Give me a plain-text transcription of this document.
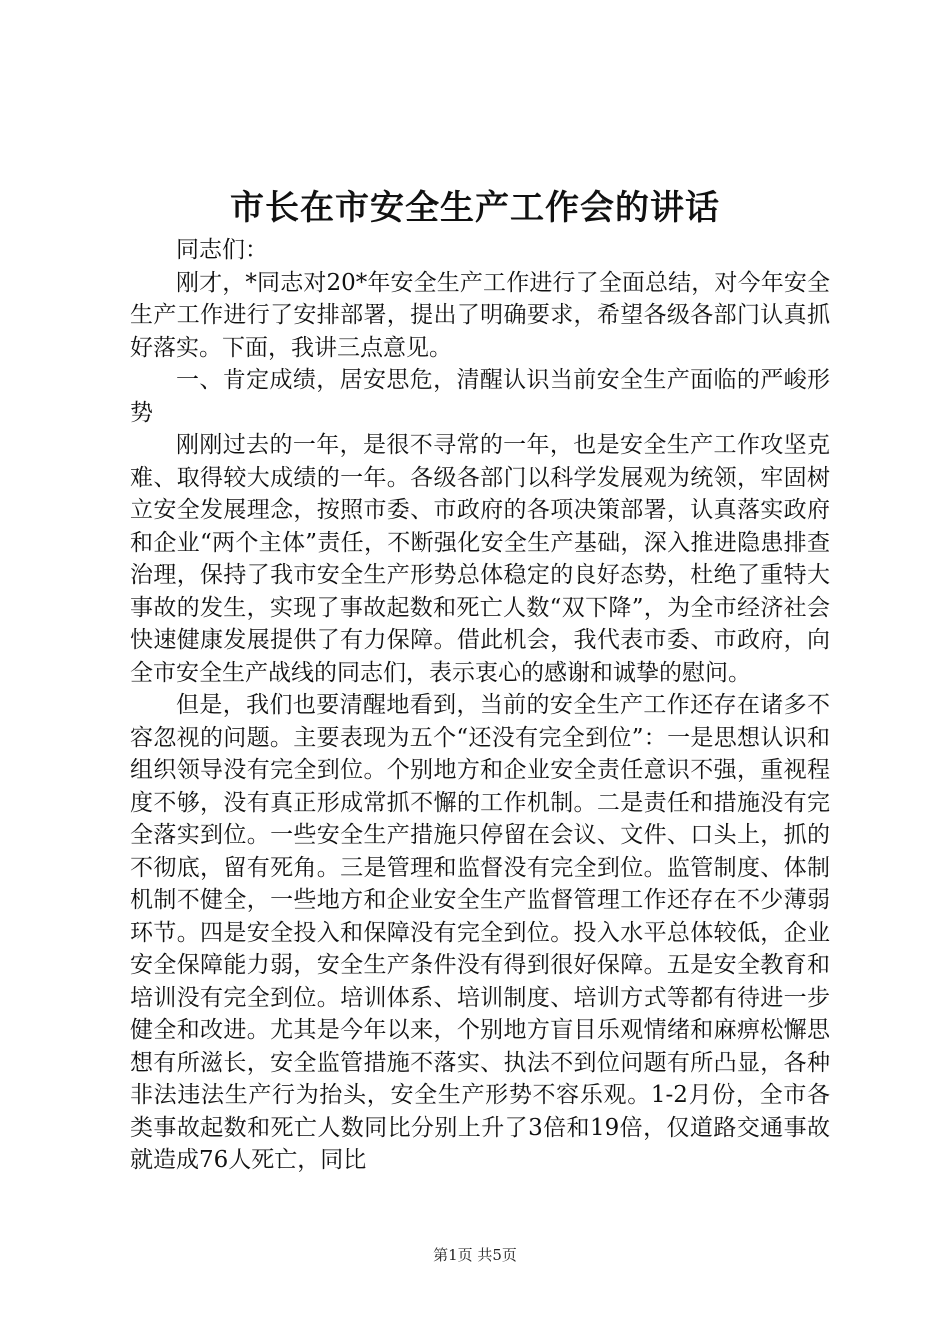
市长在市安全生产工作会的讲话

同志们：

刚才，*同志对20*年安全生产工作进行了全面总结，对今年安全生产工作进行了安排部署，提出了明确要求，希望各级各部门认真抓好落实。下面，我讲三点意见。

一、肯定成绩，居安思危，清醒认识当前安全生产面临的严峻形势

刚刚过去的一年，是很不寻常的一年，也是安全生产工作攻坚克难、取得较大成绩的一年。各级各部门以科学发展观为统领，牢固树立安全发展理念，按照市委、市政府的各项决策部署，认真落实政府和企业“两个主体”责任，不断强化安全生产基础，深入推进隐患排查治理，保持了我市安全生产形势总体稳定的良好态势，杜绝了重特大事故的发生，实现了事故起数和死亡人数“双下降”，为全市经济社会快速健康发展提供了有力保障。借此机会，我代表市委、市政府，向全市安全生产战线的同志们，表示衷心的感谢和诚挚的慰问。

但是，我们也要清醒地看到，当前的安全生产工作还存在诸多不容忽视的问题。主要表现为五个“还没有完全到位”：一是思想认识和组织领导没有完全到位。个别地方和企业安全责任意识不强，重视程度不够，没有真正形成常抓不懈的工作机制。二是责任和措施没有完全落实到位。一些安全生产措施只停留在会议、文件、口头上，抓的不彻底，留有死角。三是管理和监督没有完全到位。监管制度、体制机制不健全，一些地方和企业安全生产监督管理工作还存在不少薄弱环节。四是安全投入和保障没有完全到位。投入水平总体较低，企业安全保障能力弱，安全生产条件没有得到很好保障。五是安全教育和培训没有完全到位。培训体系、培训制度、培训方式等都有待进一步健全和改进。尤其是今年以来，个别地方盲目乐观情绪和麻痹松懈思想有所滋长，安全监管措施不落实、执法不到位问题有所凸显，各种非法违法生产行为抬头，安全生产形势不容乐观。1-2月份，全市各类事故起数和死亡人数同比分别上升了3倍和19倍，仅道路交通事故就造成76人死亡，同比

第1页 共5页
